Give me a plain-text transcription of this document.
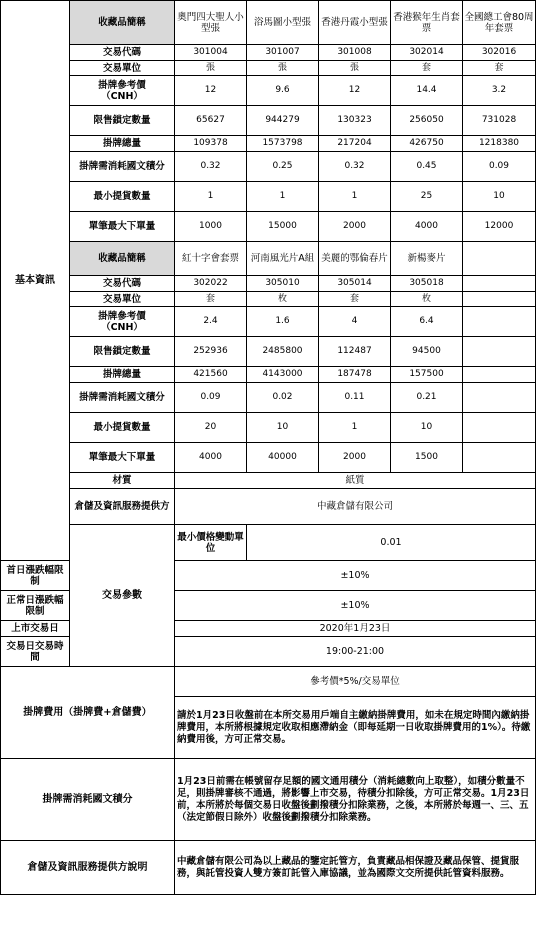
基本資訊	收藏品簡稱	奧門四大聖人小型張	浴馬圖小型張	香港丹霞小型張	香港猴年生肖套票	全國總工會80周年套票
	交易代碼	301004	301007	301008	302014	302016
	交易單位	張	張	張	套	套
	掛牌參考價
（CNH）	12	9.6	12	14.4	3.2
	限售鎖定數量	65627	944279	130323	256050	731028
	掛牌總量	109378	1573798	217204	426750	1218380
	掛牌需消耗國文積分	0.32	0.25	0.32	0.45	0.09
	最小提貨數量	1	1	1	25	10
	單筆最大下單量	1000	15000	2000	4000	12000
	收藏品簡稱	紅十字會套票	河南風光片A組	美麗的鄂倫春片	新楊麥片	
	交易代碼	302022	305010	305014	305018	
	交易單位	套	枚	套	枚	
	掛牌參考價
（CNH）	2.4	1.6	4	6.4	
	限售鎖定數量	252936	2485800	112487	94500	
	掛牌總量	421560	4143000	187478	157500	
	掛牌需消耗國文積分	0.09	0.02	0.11	0.21	
	最小提貨數量	20	10	1	10	
	單筆最大下單量	4000	40000	2000	1500	
	材質	紙質				
	倉儲及資訊服務提供方	中藏倉儲有限公司				
	交易參數	最小價格變動單位	0.01			
首日漲跌幅限制		±10%				
正常日漲跌幅限制		±10%				
上市交易日		2020年1月23日				
交易日交易時間		19:00-21:00				
掛牌費用（掛牌費+倉儲費）		參考價*5%/交易單位				
		請於1月23日收盤前在本所交易用戶端自主繳納掛牌費用，如未在規定時間內繳納掛牌費用，本所將根據規定收取相應滯納金（即每延期一日收取掛牌費用的1%）。待繳納費用後，方可正常交易。				
掛牌需消耗國文積分		1月23日前需在帳號留存足額的國文通用積分（消耗總數向上取整），如積分數量不足，則掛牌審核不通過，將影響上市交易，待積分扣除後，方可正常交易。1月23日前，本所將於每個交易日收盤後劃撥積分扣除業務，之後，本所將於每週一、三、五（法定節假日除外）收盤後劃撥積分扣除業務。				
倉儲及資訊服務提供方說明		中藏倉儲有限公司為以上藏品的鑒定託管方，負責藏品相保證及藏品保管、提貨服務，與託管投資人雙方簽訂託管入庫協議，並為國際文交所提供託管資料服務。				
